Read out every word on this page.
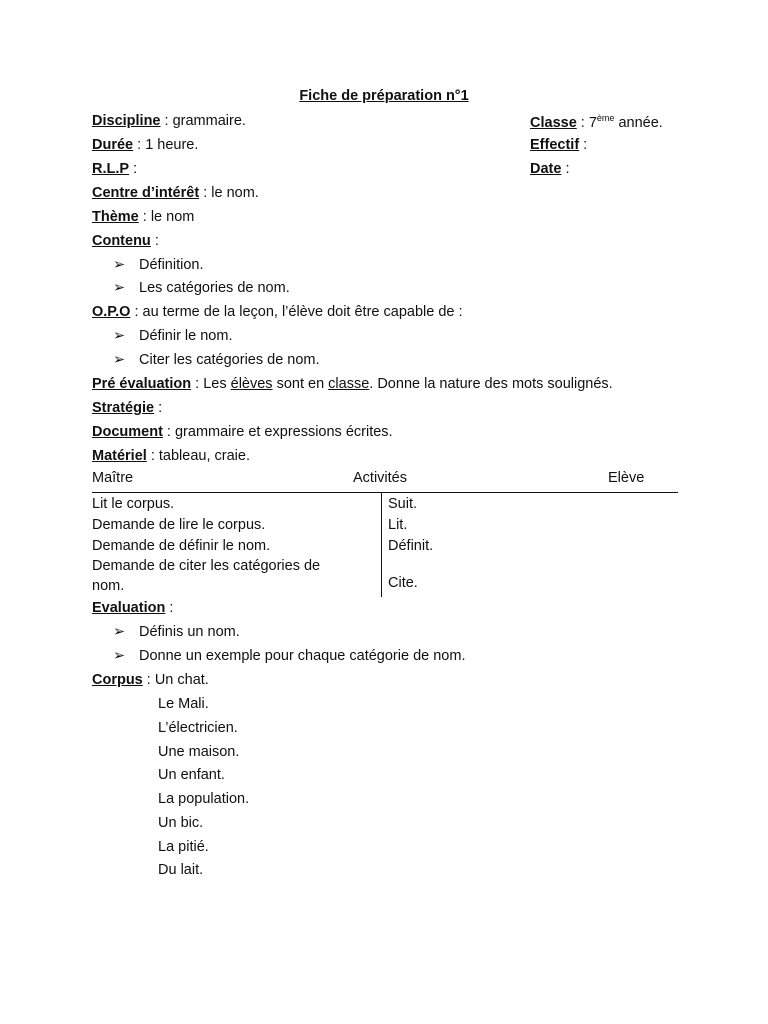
Fiche de préparation n°1
Discipline : grammaire.	Classe : 7ème année.
Durée : 1 heure.	Effectif :
R.L.P :	Date :
Centre d’intérêt : le nom.
Thème : le nom
Contenu :
➢ Définition.
➢ Les catégories de nom.
O.P.O : au terme de la leçon, l’élève doit être capable de :
➢ Définir le nom.
➢ Citer les catégories de nom.
Pré évaluation : Les élèves sont en classe. Donne la nature des mots soulignés.
Stratégie :
Document : grammaire et expressions écrites.
Matériel : tableau, craie.
Maître	Activités	Elève
Lit le corpus.	Suit.
Demande de lire le corpus.	Lit.
Demande de définir le nom.	Définit.
Demande de citer les catégories de
nom.	Cite.
Evaluation :
➢ Définis un nom.
➢ Donne un exemple pour chaque catégorie de nom.
Corpus : Un chat.
Le Mali.
L’électricien.
Une maison.
Un enfant.
La population.
Un bic.
La pitié.
Du lait.
